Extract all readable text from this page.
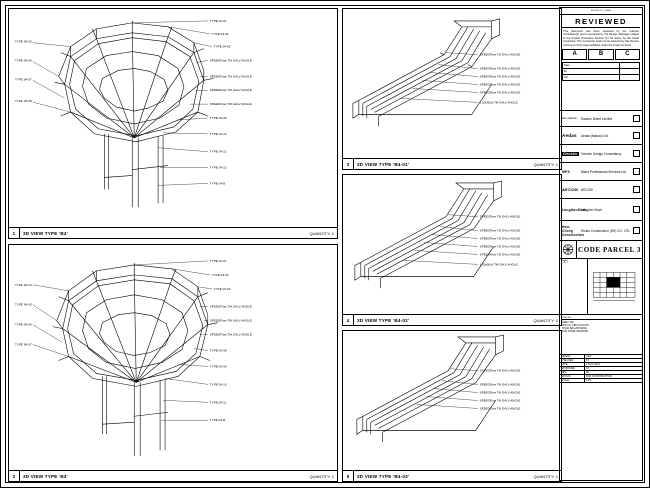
TYPE 04-01
TYPE 04-02
TYPE 04-03
SPEEDFlow TM GALV ANGLE
SPEEDFlow TM GALV ANGLE
SPEEDFlow TM GALV ANGLE
SPEEDFlow TM GALV ANGLE
TYPE 04-09
TYPE 04-10
TYPE 04-11
TYPE 04-12
TYPE 04-B
TYPE 04-05
TYPE 04-06
TYPE 04-07
TYPE 04-08
1	3D VIEW TYPE 'B4'	QUANTITY: 1
TYPE 04-01
TYPE 04-02
TYPE 04-03
SPEEDFlow TM GALV ANGLE
SPEEDFlow TM GALV ANGLE
SPEEDFlow TM GALV ANGLE
TYPE 04-08
TYPE 04-09
TYPE 04-10
TYPE 04-11
TYPE 04-B
TYPE 04-04
TYPE 04-05
TYPE 04-06
TYPE 04-07
2	3D VIEW TYPE 'B4'	QUANTITY: 1
SPEEDFlow TM GALV ANGLE
SPEEDFlow TM GALV ANGLE
SPEEDFlow TM GALV ANGLE
SPEEDFlow TM GALV ANGLE
SPEEDFlow TM GALV ANGLE
L 50x50x5 TM GALV ANGLE
3	3D VIEW TYPE 'B4-01'	QUANTITY: 1
SPEEDFlow TM GALV ANGLE
SPEEDFlow TM GALV ANGLE
SPEEDFlow TM GALV ANGLE
SPEEDFlow TM GALV ANGLE
SPEEDFlow TM GALV ANGLE
L 50x50x5 TM GALV ANGLE
4	3D VIEW TYPE 'B4-02'	QUANTITY: 1
SPEEDFlow TM GALV ANGLE
SPEEDFlow TM GALV ANGLE
SPEEDFlow TM GALV ANGLE
SPEEDFlow TM GALV ANGLE
SPEEDFlow TM GALV ANGLE
5	3D VIEW TYPE 'B4-03'	QUANTITY: 1
R-1526_PTC_20893
REVIEWED
This document has been reviewed by the relevant Consultant(s) and is accepted by the Design Manager subject to the Project Procedure Section 5.4 for action by the Trade Contractor. The Contractor shall not be relieved by this Review Comment of his responsibilities under the Trade Contract.
A	B	C
Date	
By	
Ref	
MD LIMITED	Hawton Direct Limited
Aedas	Aedas (Macau) Ltd.
Gensler Gensler Design Consultancy
MPS	Maria Professional Services Ltd.
AECOM AECOM
LangdonSeah
Langdon Seah
Hsin Chong Construction
Hsuko Construction (HK) CO. LTD.
CODE PARCEL 3
SHEET
1 OF 1
DWG NO
AREA 760
RUN-AT CIRCULATION
STAIR BALUSTRADE
FOR STEEL DRAWING
DRAWN	CAD
CHECKED	KY
DATE	1 NOV 2019
APPROVED	KY
REV	00
STATUS	FOR CONSTRUCTION
SCALE	1:25
